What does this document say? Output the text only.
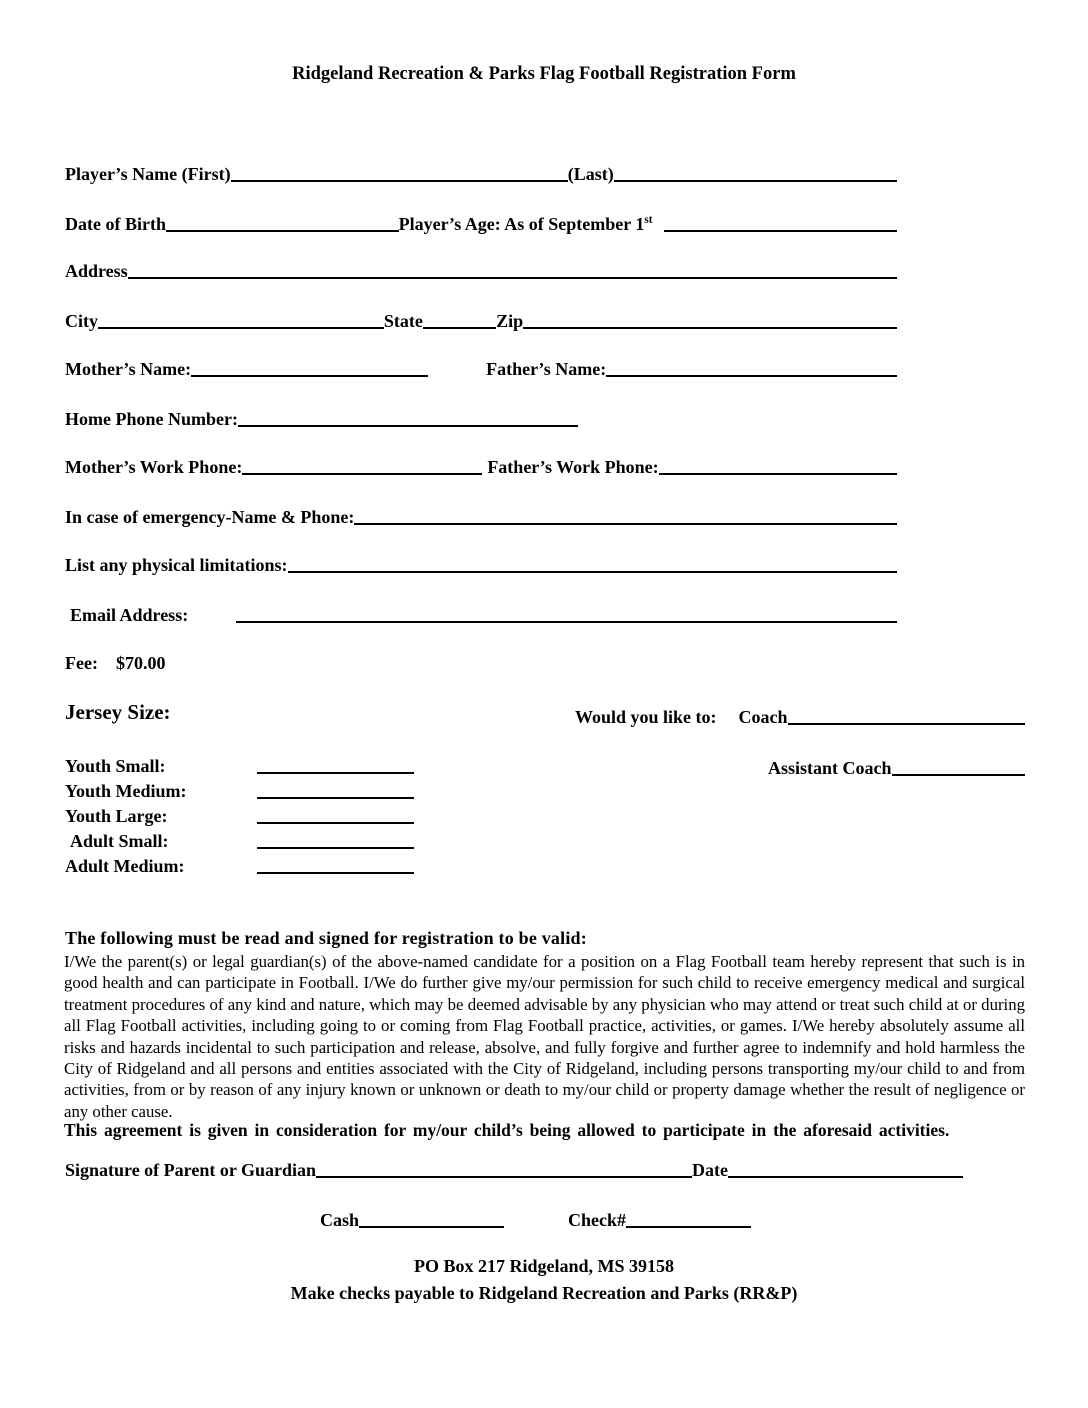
Ridgeland Recreation & Parks Flag Football Registration Form
Player’s Name (First)	(Last)
Date of Birth	Player’s Age: As of September 1st
Address
City	State	Zip
Mother’s Name:	Father’s Name:
Home Phone Number:
Mother’s Work Phone:	Father’s Work Phone:
In case of emergency-Name & Phone:
List any physical limitations:
Email Address:
Fee: $70.00
Jersey Size:	Would you like to: Coach
Assistant Coach
Youth Small:
Youth Medium:
Youth Large:
Adult Small:
Adult Medium:
The following must be read and signed for registration to be valid:
I/We the parent(s) or legal guardian(s) of the above-named candidate for a position on a Flag Football team hereby represent that such is in good health and can participate in Football. I/We do further give my/our permission for such child to receive emergency medical and surgical treatment procedures of any kind and nature, which may be deemed advisable by any physician who may attend or treat such child at or during all Flag Football activities, including going to or coming from Flag Football practice, activities, or games. I/We hereby absolutely assume all risks and hazards incidental to such participation and release, absolve, and fully forgive and further agree to indemnify and hold harmless the City of Ridgeland and all persons and entities associated with the City of Ridgeland, including persons transporting my/our child to and from activities, from or by reason of any injury known or unknown or death to my/our child or property damage whether the result of negligence or any other cause.
This agreement is given in consideration for my/our child’s being allowed to participate in the aforesaid activities.
Signature of Parent or Guardian	Date
Cash	Check#
PO Box 217 Ridgeland, MS 39158
Make checks payable to Ridgeland Recreation and Parks (RR&P)
